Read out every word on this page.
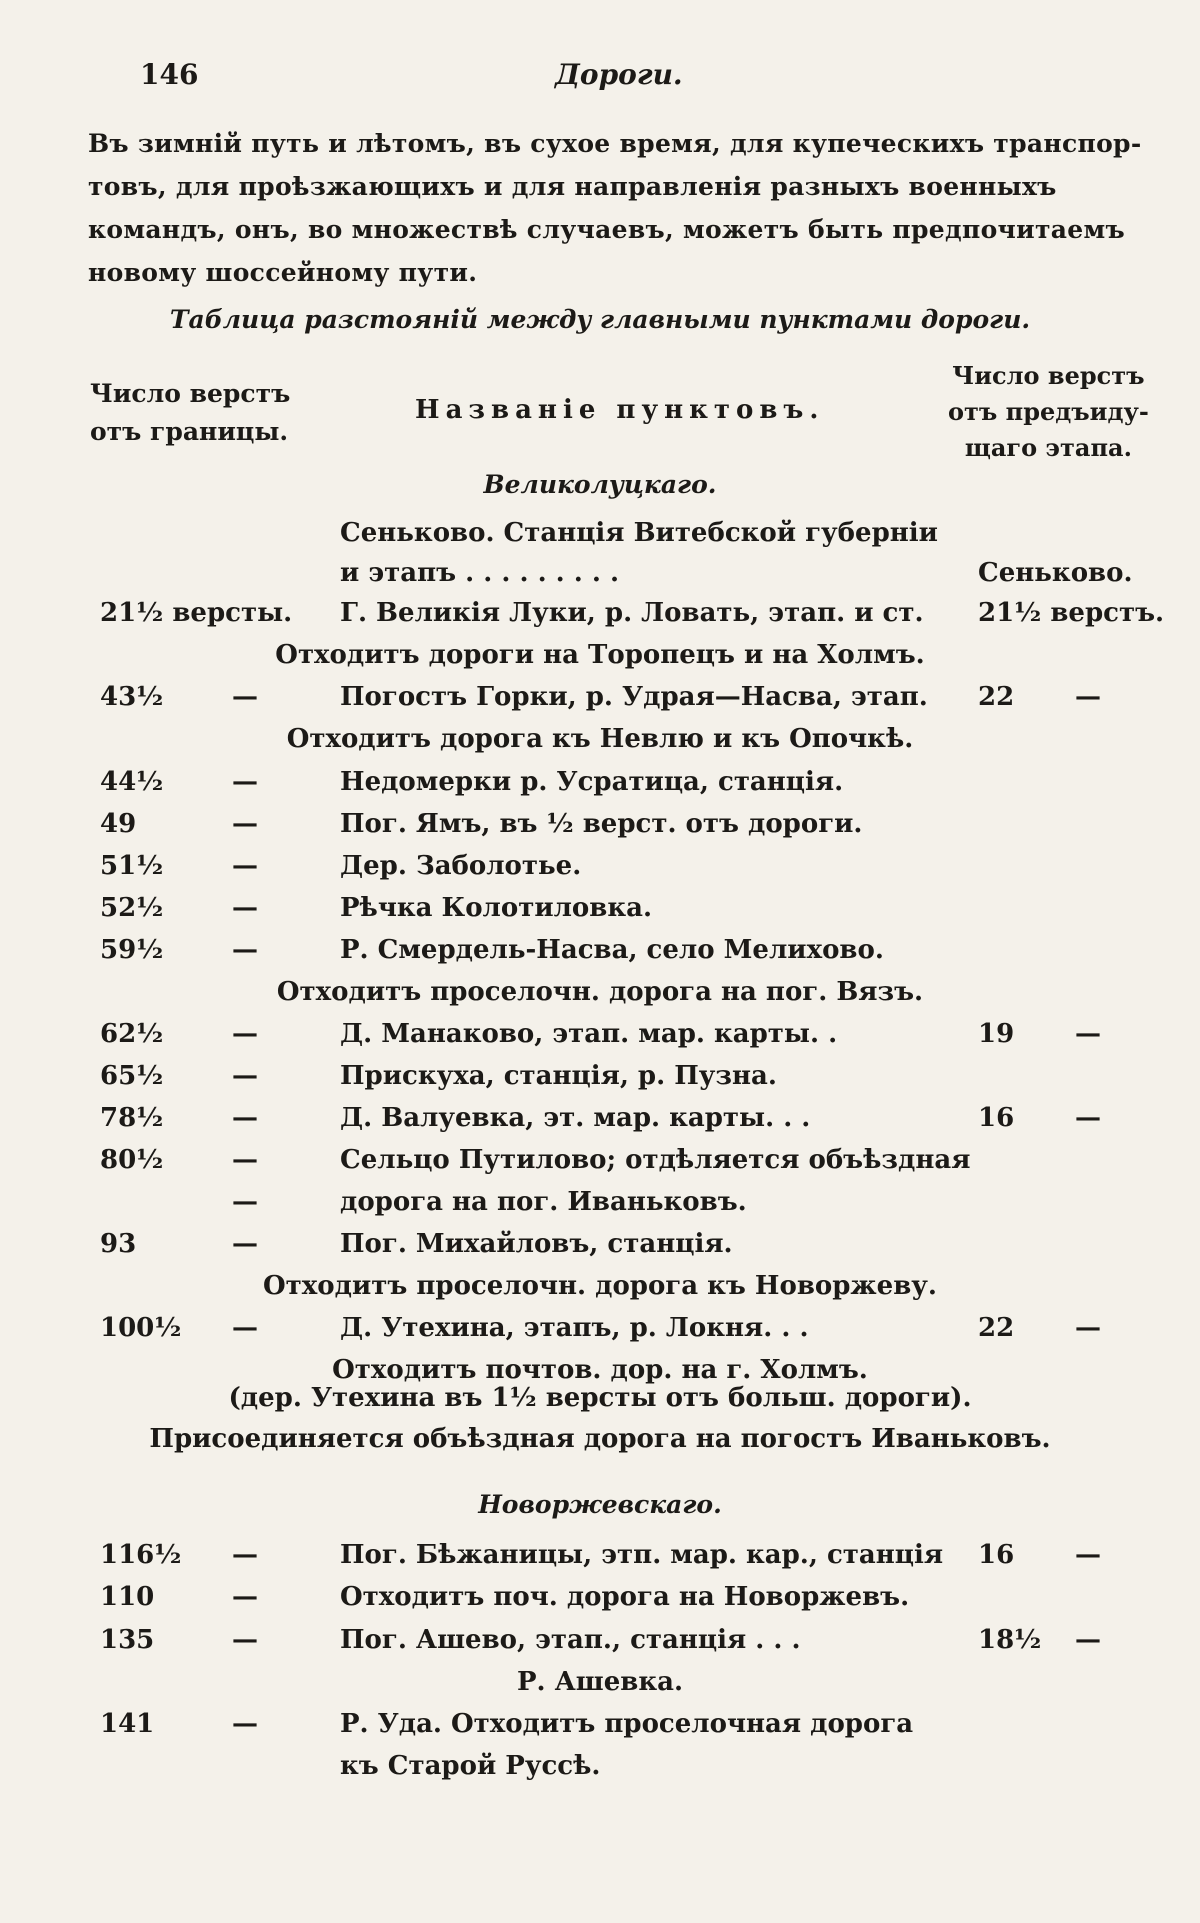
146	Дороги.
Въ зимній путь и лѣтомъ, въ сухое время, для купеческихъ транспор-
товъ, для проѣзжающихъ и для направленія разныхъ военныхъ
командъ, онъ, во множествѣ случаевъ, можетъ быть предпочитаемъ
новому шоссейному пути.
Таблица разстояній между главными пунктами дороги.
Число верстъ
отъ границы.
Названіе пунктовъ.
Число верстъ
отъ предъиду-
щаго этапа.
Великолуцкаго.
Сеньково. Станція Витебской губерніи
и этапъ . . . . . . . . .	Сеньково.
21½ версты. Г. Великія Луки, р. Ловать, этап. и ст. 21½ верстъ.
Отходитъ дороги на Торопецъ и на Холмъ.
43½	—	Погостъ Горки, р. Удрая—Насва, этап. 22 —
Отходитъ дорога къ Невлю и къ Опочкѣ.
44½	—	Недомерки р. Усратица, станція.
49	—	Пог. Ямъ, въ ½ верст. отъ дороги.
51½	—	Дер. Заболотье.
52½	—	Рѣчка Колотиловка.
59½	—	Р. Смердель-Насва, село Мелихово.
Отходитъ проселочн. дорога на пог. Вязъ.
62½	—	Д. Манаково, этап. мар. карты. .	19 —
65½	—	Прискуха, станція, р. Пузна.
78½	—	Д. Валуевка, эт. мар. карты. . .	16 —
80½	—	Сельцо Путилово; отдѣляется объѣздная
—	дорога на пог. Иваньковъ.
93	—	Пог. Михайловъ, станція.
Отходитъ проселочн. дорога къ Новоржеву.
100½ —	Д. Утехина, этапъ, р. Локня. . .	22 —
Отходитъ почтов. дор. на г. Холмъ.
116½ —	Пог. Бѣжаницы, этп. мар. кар., станція 16 —
110	—	Отходитъ поч. дорога на Новоржевъ.
135	—	Пог. Ашево, этап., станція . . .	18½ —
Р. Ашевка.
141	—	Р. Уда. Отходитъ проселочная дорога
къ Старой Руссѣ.
(дер. Утехина въ 1½ версты отъ больш. дороги).
Присоединяется объѣздная дорога на погостъ Иваньковъ.
Новоржевскаго.
